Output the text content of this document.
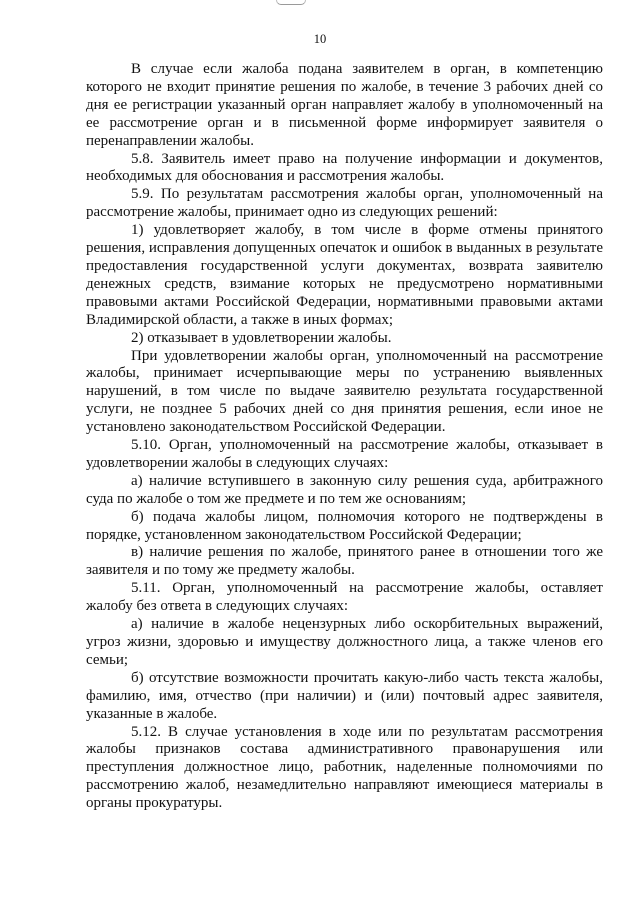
10

В случае если жалоба подана заявителем в орган, в компетенцию которого не входит принятие решения по жалобе, в течение 3 рабочих дней со дня ее регистрации указанный орган направляет жалобу в уполномоченный на ее рассмотрение орган и в письменной форме информирует заявителя о перенаправлении жалобы.

5.8. Заявитель имеет право на получение информации и документов, необходимых для обоснования и рассмотрения жалобы.

5.9. По результатам рассмотрения жалобы орган, уполномоченный на рассмотрение жалобы, принимает одно из следующих решений:

1) удовлетворяет жалобу, в том числе в форме отмены принятого решения, исправления допущенных опечаток и ошибок в выданных в результате предоставления государственной услуги документах, возврата заявителю денежных средств, взимание которых не предусмотрено нормативными правовыми актами Российской Федерации, нормативными правовыми актами Владимирской области, а также в иных формах;

2) отказывает в удовлетворении жалобы.

При удовлетворении жалобы орган, уполномоченный на рассмотрение жалобы, принимает исчерпывающие меры по устранению выявленных нарушений, в том числе по выдаче заявителю результата государственной услуги, не позднее 5 рабочих дней со дня принятия решения, если иное не установлено законодательством Российской Федерации.

5.10. Орган, уполномоченный на рассмотрение жалобы, отказывает в удовлетворении жалобы в следующих случаях:

а) наличие вступившего в законную силу решения суда, арбитражного суда по жалобе о том же предмете и по тем же основаниям;

б) подача жалобы лицом, полномочия которого не подтверждены в порядке, установленном законодательством Российской Федерации;

в) наличие решения по жалобе, принятого ранее в отношении того же заявителя и по тому же предмету жалобы.

5.11. Орган, уполномоченный на рассмотрение жалобы, оставляет жалобу без ответа в следующих случаях:

а) наличие в жалобе нецензурных либо оскорбительных выражений, угроз жизни, здоровью и имуществу должностного лица, а также членов его семьи;

б) отсутствие возможности прочитать какую-либо часть текста жалобы, фамилию, имя, отчество (при наличии) и (или) почтовый адрес заявителя, указанные в жалобе.

5.12. В случае установления в ходе или по результатам рассмотрения жалобы признаков состава административного правонарушения или преступления должностное лицо, работник, наделенные полномочиями по рассмотрению жалоб, незамедлительно направляют имеющиеся материалы в органы прокуратуры.
